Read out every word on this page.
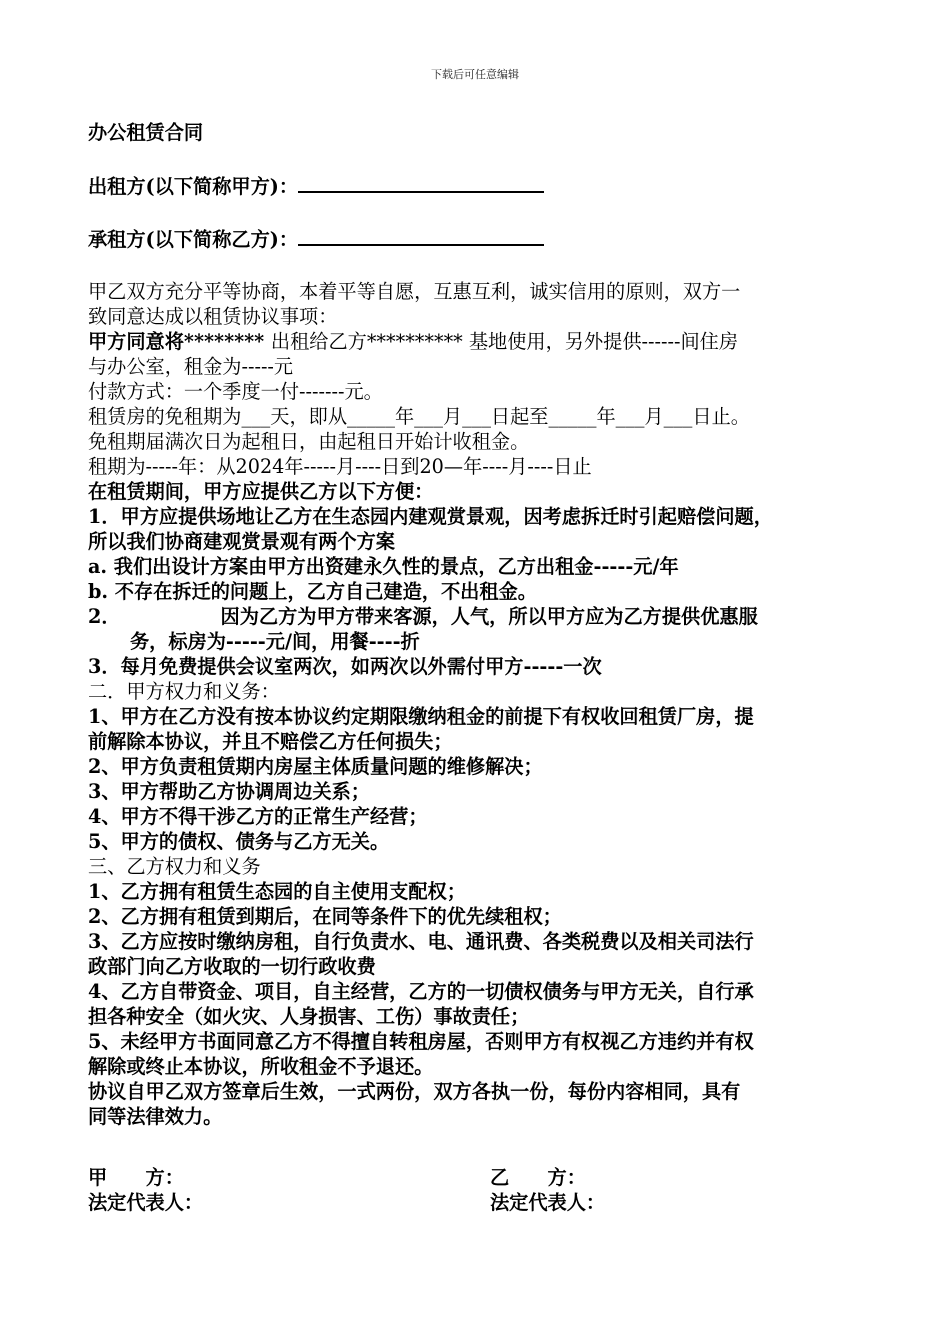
下载后可任意编辑
办公租赁合同
出租方(以下简称甲方)：
承租方(以下简称乙方)：
甲乙双方充分平等协商，本着平等自愿，互惠互利，诚实信用的原则，双方一
致同意达成以租赁协议事项：
甲方同意将******** 出租给乙方********** 基地使用，另外提供------间住房
与办公室，租金为-----元
付款方式：一个季度一付-------元。
租赁房的免租期为___天，即从_____年___月___日起至_____年___月___日止。
免租期届满次日为起租日，由起租日开始计收租金。
租期为-----年：从2024年-----月----日到20—年----月----日止
在租赁期间，甲方应提供乙方以下方便：
1．甲方应提供场地让乙方在生态园内建观赏景观，因考虑拆迁时引起赔偿问题，
所以我们协商建观赏景观有两个方案
a. 我们出设计方案由甲方出资建永久性的景点，乙方出租金-----元/年
b. 不存在拆迁的问题上，乙方自己建造，不出租金。
2．	因为乙方为甲方带来客源，人气，所以甲方应为乙方提供优惠服
务，标房为-----元/间，用餐----折
3．每月免费提供会议室两次，如两次以外需付甲方-----一次
二．甲方权力和义务：
1、甲方在乙方没有按本协议约定期限缴纳租金的前提下有权收回租赁厂房，提
前解除本协议，并且不赔偿乙方任何损失；
2、甲方负责租赁期内房屋主体质量问题的维修解决；
3、甲方帮助乙方协调周边关系；
4、甲方不得干涉乙方的正常生产经营；
5、甲方的债权、债务与乙方无关。
三、乙方权力和义务
1、乙方拥有租赁生态园的自主使用支配权；
2、乙方拥有租赁到期后，在同等条件下的优先续租权；
3、乙方应按时缴纳房租，自行负责水、电、通讯费、各类税费以及相关司法行
政部门向乙方收取的一切行政收费
4、乙方自带资金、项目，自主经营，乙方的一切债权债务与甲方无关，自行承
担各种安全（如火灾、人身损害、工伤）事故责任；
5、未经甲方书面同意乙方不得擅自转租房屋，否则甲方有权视乙方违约并有权
解除或终止本协议，所收租金不予退还。
协议自甲乙双方签章后生效，一式两份，双方各执一份，每份内容相同，具有
同等法律效力。
甲　　方：	乙　　方：
法定代表人：	法定代表人：
